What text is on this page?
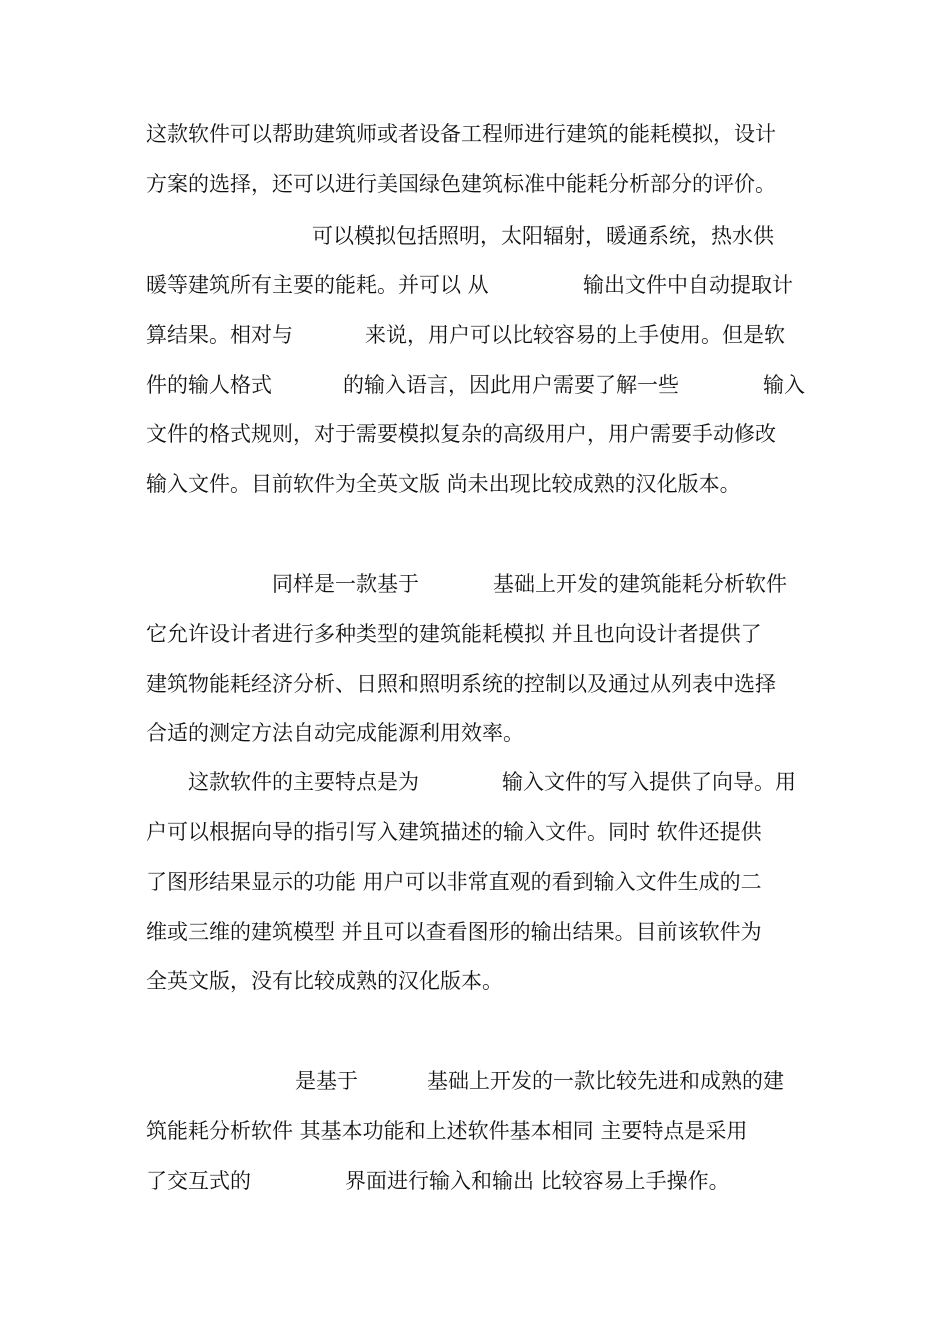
这款软件可以帮助建筑师或者设备工程师进行建筑的能耗模拟，设计
方案的选择，还可以进行美国绿色建筑标准中能耗分析部分的评价。

可以模拟包括照明，太阳辐射，暖通系统，热水供

暖等建筑所有主要的能耗。并可以 从

	输出文件中自动提取计

算结果。相对与

	来说，用户可以比较容易的上手使用。但是软

件的输人格式

	的输入语言，因此用户需要了解一些

	输入

文件的格式规则，对于需要模拟复杂的高级用户，用户需要手动修改
输入文件。目前软件为全英文版 尚未出现比较成熟的汉化版本。

同样是一款基于

	基础上开发的建筑能耗分析软件

它允许设计者进行多种类型的建筑能耗模拟 并且也向设计者提供了
建筑物能耗经济分析、日照和照明系统的控制以及通过从列表中选择
合适的测定方法自动完成能源利用效率。

这款软件的主要特点是为

	输入文件的写入提供了向导。用

户可以根据向导的指引写入建筑描述的输入文件。同时 软件还提供
了图形结果显示的功能 用户可以非常直观的看到输入文件生成的二
维或三维的建筑模型 并且可以查看图形的输出结果。目前该软件为
全英文版，没有比较成熟的汉化版本。

是基于

	基础上开发的一款比较先进和成熟的建

筑能耗分析软件 其基本功能和上述软件基本相同 主要特点是采用

了交互式的

	界面进行输入和输出 比较容易上手操作。
